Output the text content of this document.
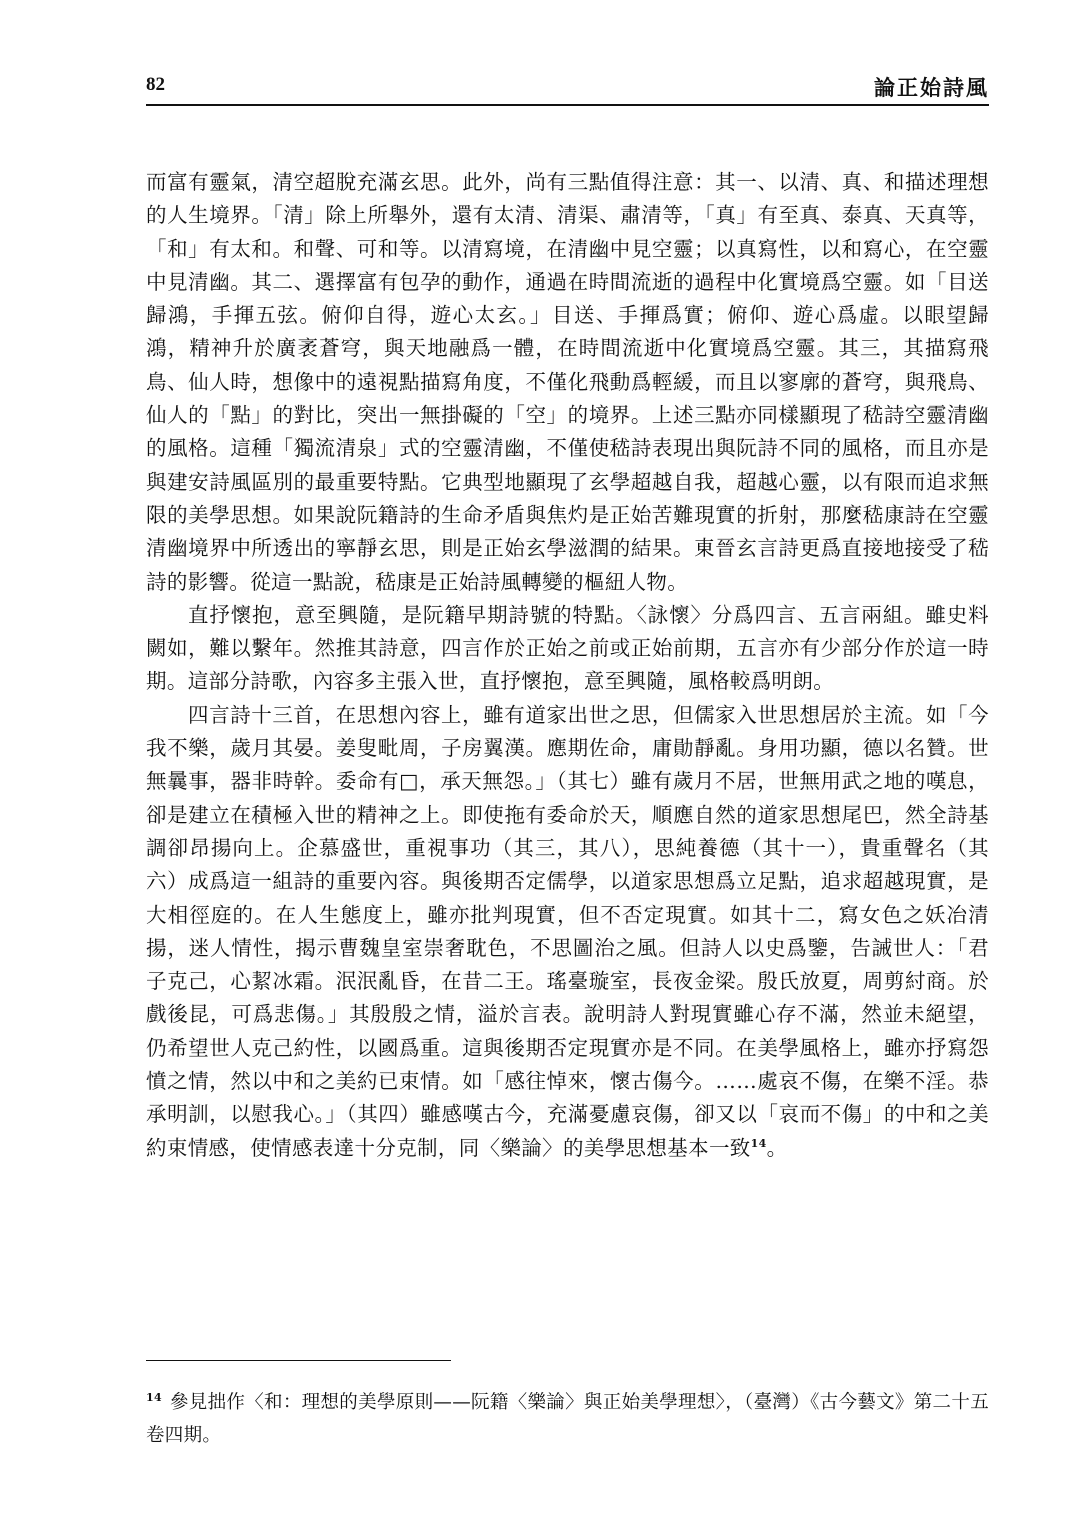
82	論正始詩風

而富有靈氣，清空超脫充滿玄思。此外，尚有三點值得注意：其一、以清、真、和描述理想的人生境界。「清」除上所舉外，還有太清、清渠、肅清等，「真」有至真、泰真、天真等，「和」有太和。和聲、可和等。以清寫境，在清幽中見空靈；以真寫性，以和寫心，在空靈中見清幽。其二、選擇富有包孕的動作，通過在時間流逝的過程中化實境爲空靈。如「目送歸鴻，手揮五弦。俯仰自得，遊心太玄。」目送、手揮爲實；俯仰、遊心爲虛。以眼望歸鴻，精神升於廣袤蒼穹，與天地融爲一體，在時間流逝中化實境爲空靈。其三，其描寫飛鳥、仙人時，想像中的遠視點描寫角度，不僅化飛動爲輕緩，而且以寥廓的蒼穹，與飛鳥、仙人的「點」的對比，突出一無掛礙的「空」的境界。上述三點亦同樣顯現了嵇詩空靈清幽的風格。這種「獨流清泉」式的空靈清幽，不僅使嵇詩表現出與阮詩不同的風格，而且亦是與建安詩風區別的最重要特點。它典型地顯現了玄學超越自我，超越心靈，以有限而追求無限的美學思想。如果說阮籍詩的生命矛盾與焦灼是正始苦難現實的折射，那麼嵇康詩在空靈清幽境界中所透出的寧靜玄思，則是正始玄學滋潤的結果。東晉玄言詩更爲直接地接受了嵇詩的影響。從這一點說，嵇康是正始詩風轉變的樞紐人物。

直抒懷抱，意至興隨，是阮籍早期詩號的特點。〈詠懷〉分爲四言、五言兩組。雖史料闕如，難以繫年。然推其詩意，四言作於正始之前或正始前期，五言亦有少部分作於這一時期。這部分詩歌，內容多主張入世，直抒懷抱，意至興隨，風格較爲明朗。

四言詩十三首，在思想內容上，雖有道家出世之思，但儒家入世思想居於主流。如「今我不樂，歲月其晏。姜叟毗周，子房翼漢。應期佐命，庸勛靜亂。身用功顯，德以名贊。世無曩事，器非時幹。委命有□，承天無怨。」（其七）雖有歲月不居，世無用武之地的嘆息，卻是建立在積極入世的精神之上。即使拖有委命於天，順應自然的道家思想尾巴，然全詩基調卻昂揚向上。企慕盛世，重視事功（其三，其八），思純養德（其十一），貴重聲名（其六）成爲這一組詩的重要內容。與後期否定儒學，以道家思想爲立足點，追求超越現實，是大相徑庭的。在人生態度上，雖亦批判現實，但不否定現實。如其十二，寫女色之妖冶清揚，迷人情性，揭示曹魏皇室崇奢耽色，不思圖治之風。但詩人以史爲鑒，告誡世人：「君子克己，心絜冰霜。泯泯亂昏，在昔二王。瑤臺璇室，長夜金梁。殷氏放夏，周剪紂商。於戲後昆，可爲悲傷。」其殷殷之情，溢於言表。說明詩人對現實雖心存不滿，然並未絕望，仍希望世人克己約性，以國爲重。這與後期否定現實亦是不同。在美學風格上，雖亦抒寫怨憤之情，然以中和之美約已束情。如「感往悼來，懷古傷今。……處哀不傷，在樂不淫。恭承明訓，以慰我心。」（其四）雖感嘆古今，充滿憂慮哀傷，卻又以「哀而不傷」的中和之美約束情感，使情感表達十分克制，同〈樂論〉的美學思想基本一致$^{14}$。

$^{14}$ 參見拙作〈和：理想的美學原則——阮籍〈樂論〉與正始美學理想〉，（臺灣）《古今藝文》第二十五卷四期。
